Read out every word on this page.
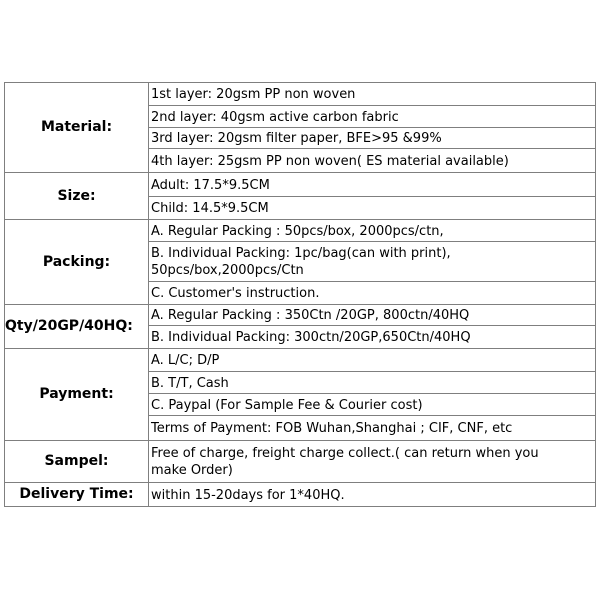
Material:	1st layer: 20gsm PP non woven
	2nd layer: 40gsm active carbon fabric
	3rd layer: 20gsm filter paper, BFE>95 &99%
	4th layer: 25gsm PP non woven( ES material available)
Size:	Adult: 17.5*9.5CM
	Child: 14.5*9.5CM
Packing:	A. Regular Packing : 50pcs/box, 2000pcs/ctn,

	B. Individual Packing: 1pc/bag(can with print),
50pcs/box,2000pcs/Ctn

	C. Customer's instruction.
Qty/20GP/40HQ:	A. Regular Packing : 350Ctn /20GP, 800ctn/40HQ
	B. Individual Packing: 300ctn/20GP,650Ctn/40HQ
Payment:	A. L/C; D/P
	B. T/T, Cash
	C. Paypal (For Sample Fee & Courier cost)
	Terms of Payment: FOB Wuhan,Shanghai ; CIF, CNF, etc
Sampel:	Free of charge, freight charge collect.( can return when you
make Order)

Delivery Time:	within 15-20days for 1*40HQ.
